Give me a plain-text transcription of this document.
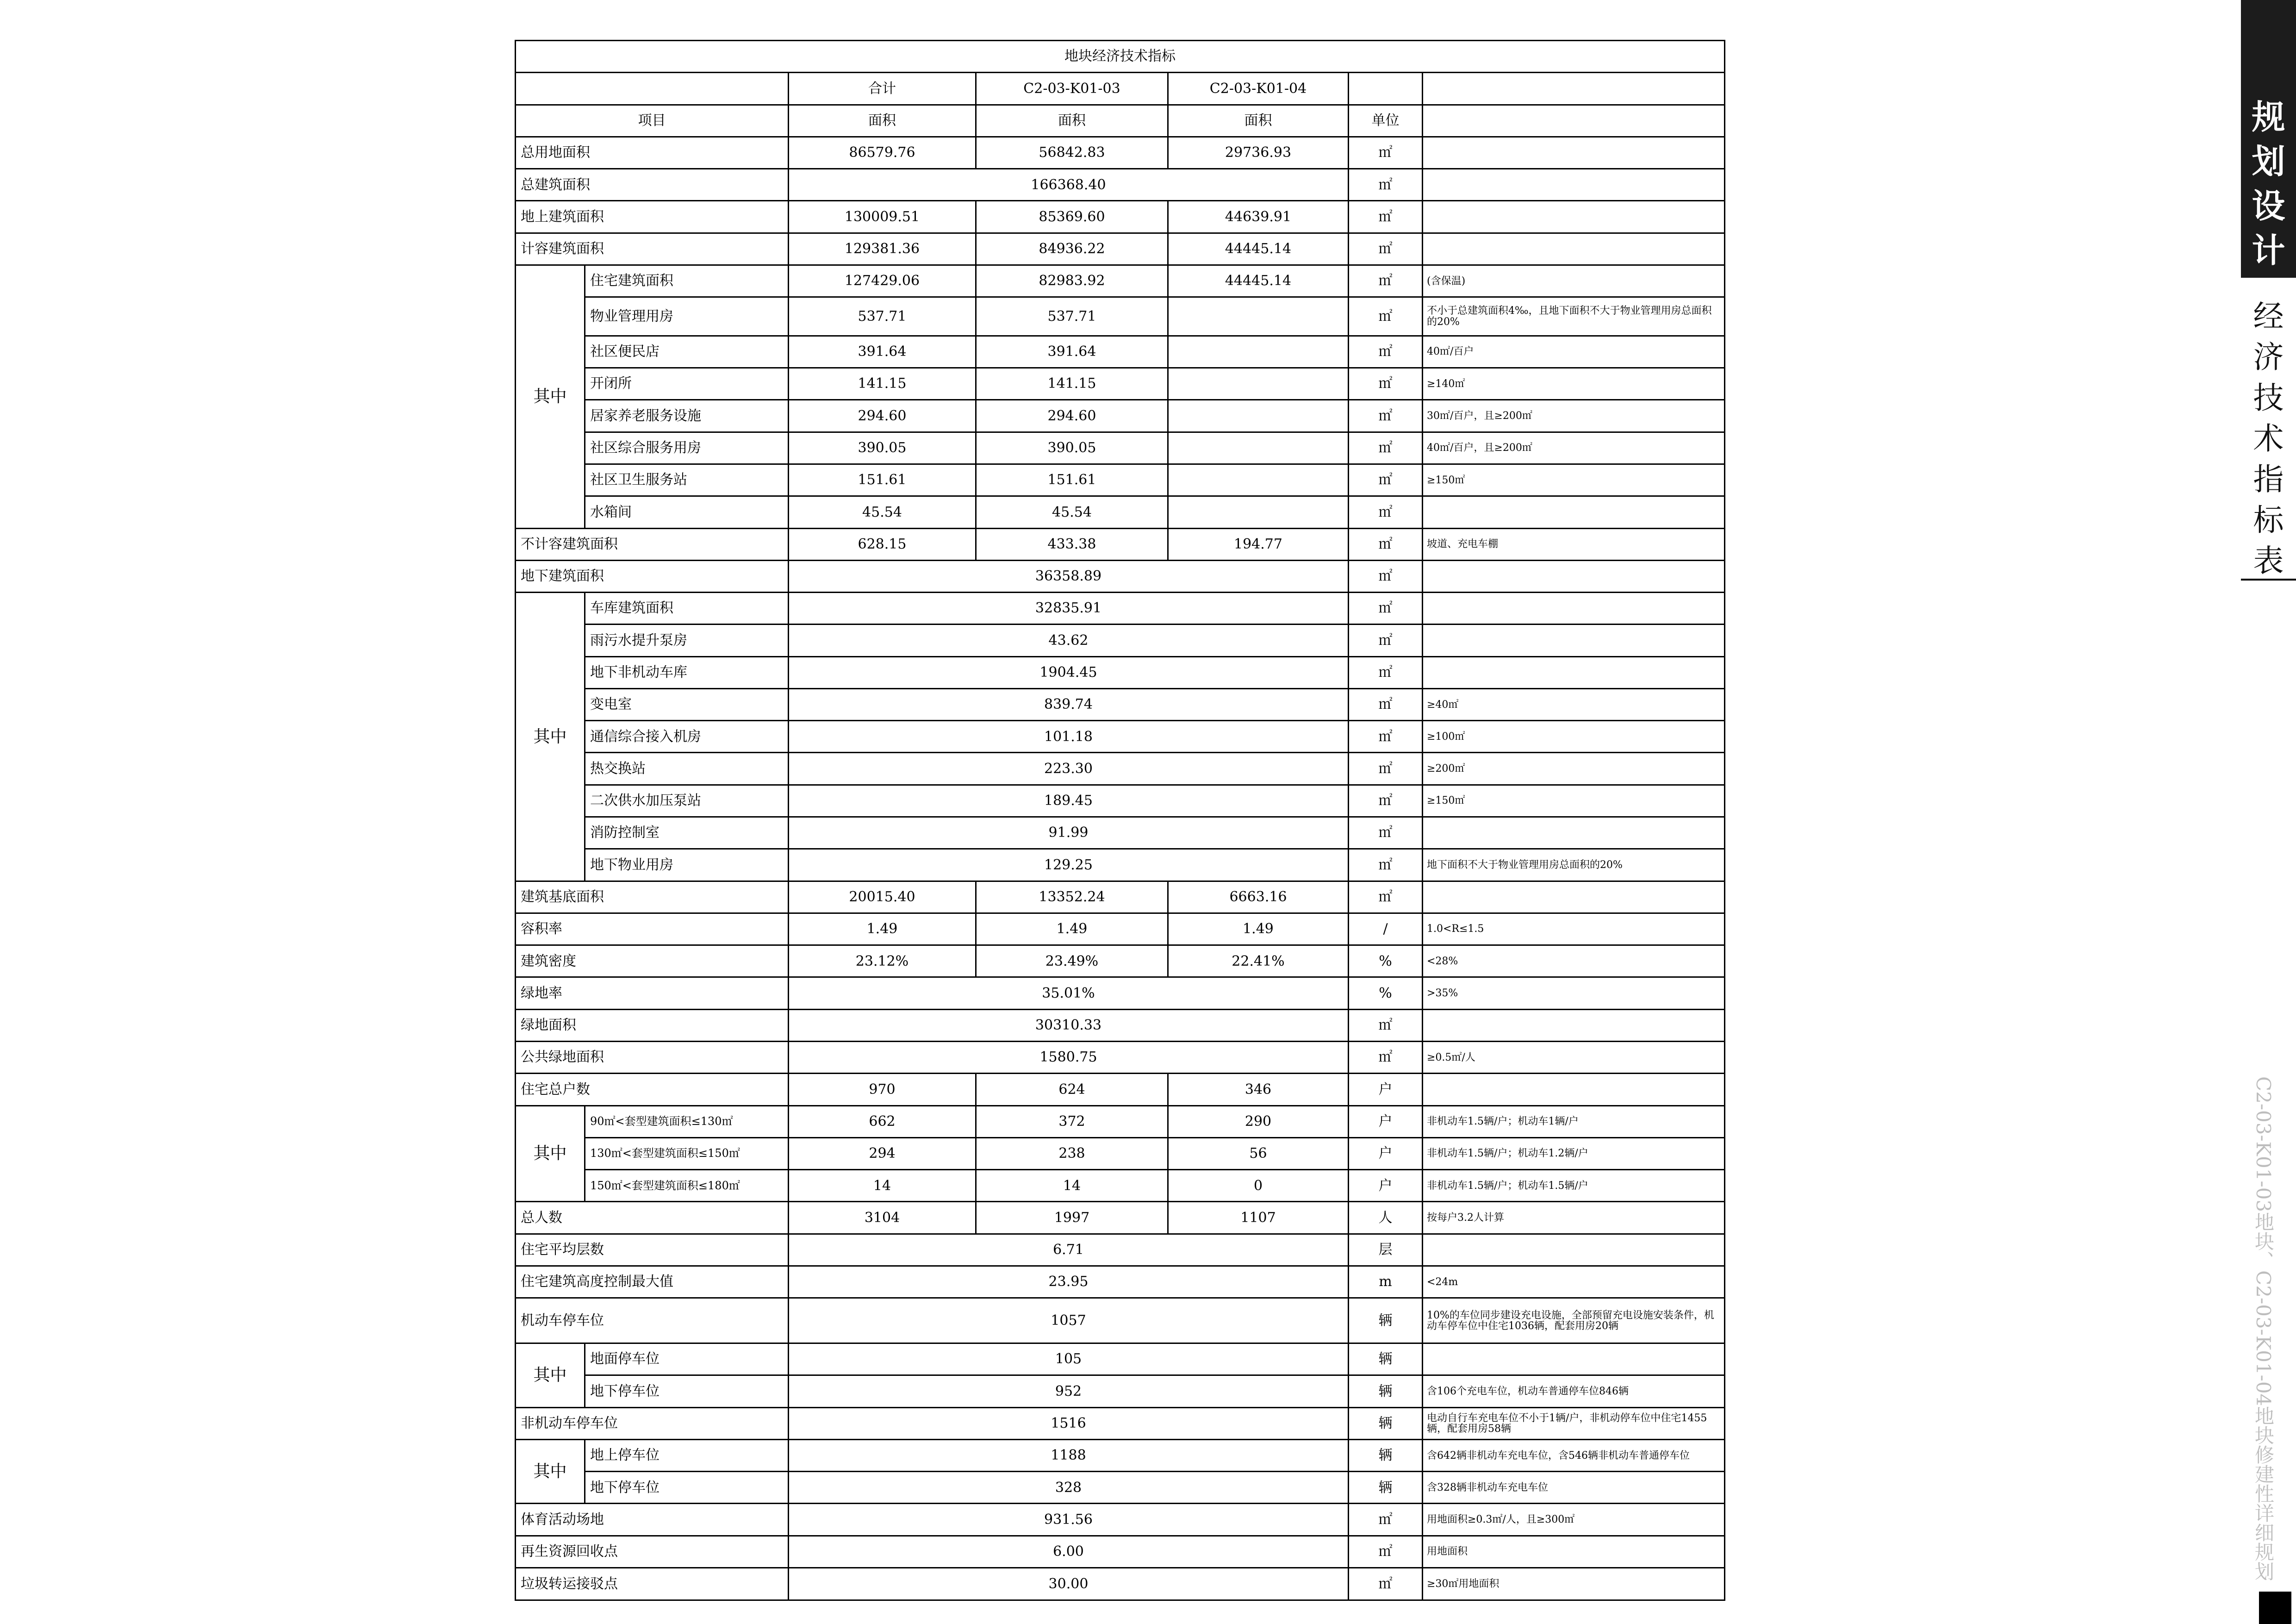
地块经济技术指标						
		合计	C2-03-K01-03	C2-03-K01-04		
项目		面积	面积	面积	单位	
总用地面积		86579.76	56842.83	29736.93	㎡	
总建筑面积		166368.40			㎡	
地上建筑面积		130009.51	85369.60	44639.91	㎡	
计容建筑面积		129381.36	84936.22	44445.14	㎡	
其中	住宅建筑面积	127429.06	82983.92	44445.14	㎡	(含保温)
	物业管理用房	537.71	537.71		㎡	不小于总建筑面积4‰，且地下面积不大于物业管理用房总面积的20%
	社区便民店	391.64	391.64		㎡	40㎡/百户
	开闭所	141.15	141.15		㎡	≥140㎡
	居家养老服务设施	294.60	294.60		㎡	30㎡/百户，且≥200㎡
	社区综合服务用房	390.05	390.05		㎡	40㎡/百户，且≥200㎡
	社区卫生服务站	151.61	151.61		㎡	≥150㎡
	水箱间	45.54	45.54		㎡	
不计容建筑面积		628.15	433.38	194.77	㎡	坡道、充电车棚
地下建筑面积		36358.89			㎡	
其中	车库建筑面积	32835.91			㎡	
	雨污水提升泵房	43.62			㎡	
	地下非机动车库	1904.45			㎡	
	变电室	839.74			㎡	≥40㎡
	通信综合接入机房	101.18			㎡	≥100㎡
	热交换站	223.30			㎡	≥200㎡
	二次供水加压泵站	189.45			㎡	≥150㎡
	消防控制室	91.99			㎡	
	地下物业用房	129.25			㎡	地下面积不大于物业管理用房总面积的20%
建筑基底面积		20015.40	13352.24	6663.16	㎡	
容积率		1.49	1.49	1.49	/	1.0<R≤1.5
建筑密度		23.12%	23.49%	22.41%	%	<28%
绿地率		35.01%			%	>35%
绿地面积		30310.33			㎡	
公共绿地面积		1580.75			㎡	≥0.5㎡/人
住宅总户数		970	624	346	户	
其中	90㎡<套型建筑面积≤130㎡	662	372	290	户	非机动车1.5辆/户；机动车1辆/户
	130㎡<套型建筑面积≤150㎡	294	238	56	户	非机动车1.5辆/户；机动车1.2辆/户
	150㎡<套型建筑面积≤180㎡	14	14	0	户	非机动车1.5辆/户；机动车1.5辆/户
总人数		3104	1997	1107	人	按每户3.2人计算
住宅平均层数		6.71			层	
住宅建筑高度控制最大值		23.95			m	<24m
机动车停车位		1057			辆	10%的车位同步建设充电设施，全部预留充电设施安装条件，机动车停车位中住宅1036辆，配套用房20辆
其中	地面停车位	105			辆	
	地下停车位	952			辆	含106个充电车位，机动车普通停车位846辆
非机动车停车位		1516			辆	电动自行车充电车位不小于1辆/户，非机动停车位中住宅1455辆，配套用房58辆
其中	地上停车位	1188			辆	含642辆非机动车充电车位，含546辆非机动车普通停车位
	地下停车位	328			辆	含328辆非机动车充电车位
体育活动场地		931.56			㎡	用地面积≥0.3㎡/人，且≥300㎡
再生资源回收点		6.00			㎡	用地面积
垃圾转运接驳点		30.00			㎡	≥30㎡用地面积
规划设计
经济技术指标表
C2-03-K01-03地块、C2-03-K01-04地块修建性详细规划
